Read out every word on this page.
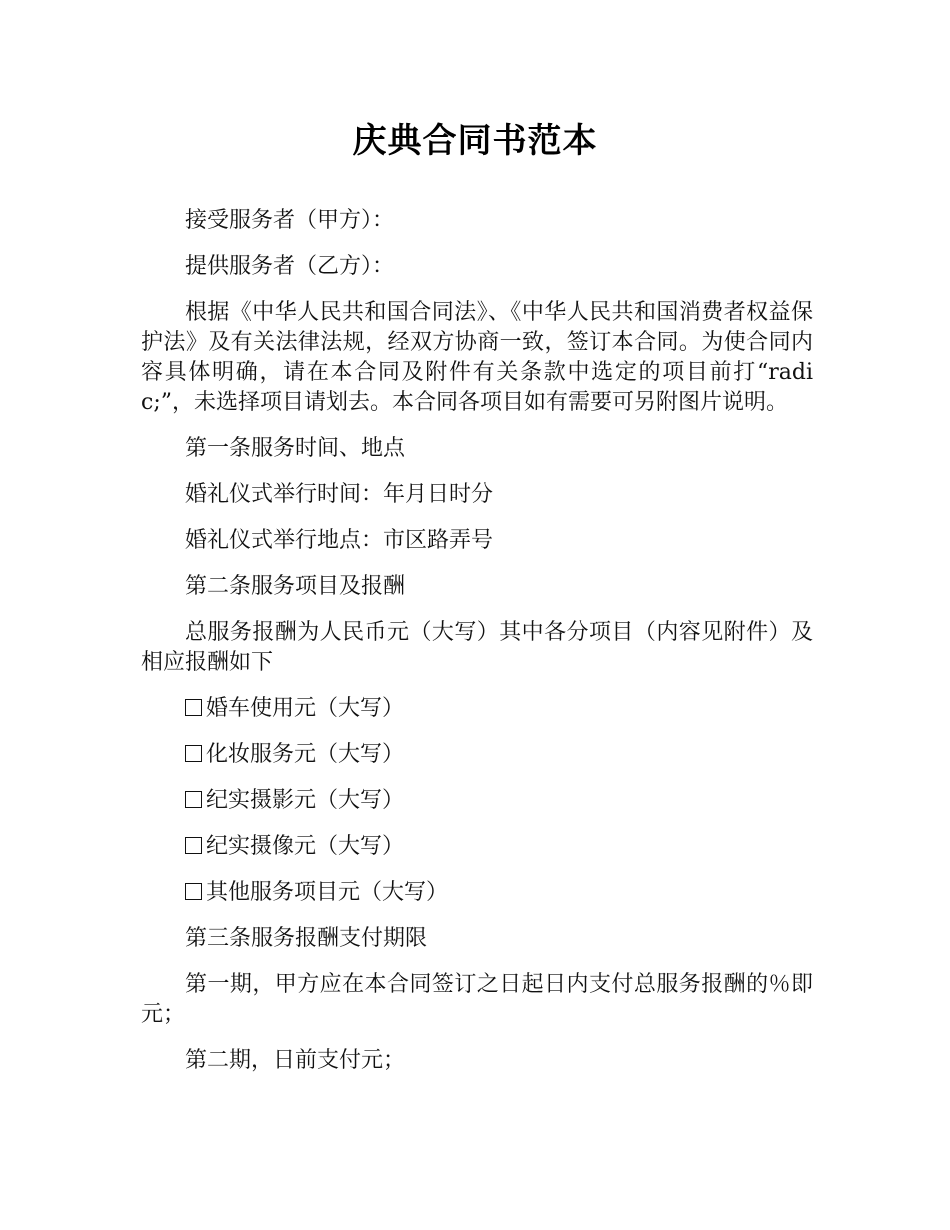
庆典合同书范本

接受服务者（甲方）：

提供服务者（乙方）：

根据《中华人民共和国合同法》、《中华人民共和国消费者权益保护法》及有关法律法规，经双方协商一致，签订本合同。为使合同内容具体明确，请在本合同及附件有关条款中选定的项目前打“radic;”，未选择项目请划去。本合同各项目如有需要可另附图片说明。

第一条服务时间、地点

婚礼仪式举行时间：年月日时分

婚礼仪式举行地点：市区路弄号

第二条服务项目及报酬

总服务报酬为人民币元（大写）其中各分项目（内容见附件）及相应报酬如下

婚车使用元（大写）
化妆服务元（大写）
纪实摄影元（大写）
纪实摄像元（大写）
其他服务项目元（大写）

第三条服务报酬支付期限

第一期，甲方应在本合同签订之日起日内支付总服务报酬的％即元；

第二期，日前支付元；
